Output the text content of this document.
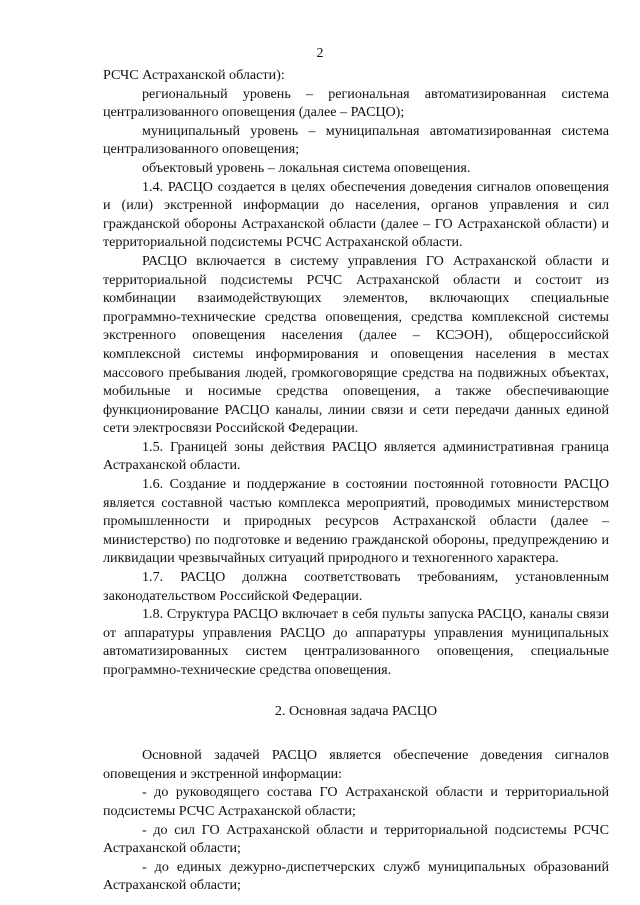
2

РСЧС Астраханской области):

региональный уровень – региональная автоматизированная система централизованного оповещения (далее – РАСЦО);

муниципальный уровень – муниципальная автоматизированная система централизованного оповещения;

объектовый уровень – локальная система оповещения.

1.4. РАСЦО создается в целях обеспечения доведения сигналов оповещения и (или) экстренной информации до населения, органов управления и сил гражданской обороны Астраханской области (далее – ГО Астраханской области) и территориальной подсистемы РСЧС Астраханской области.

РАСЦО включается в систему управления ГО Астраханской области и территориальной подсистемы РСЧС Астраханской области и состоит из комбинации взаимодействующих элементов, включающих специальные программно-технические средства оповещения, средства комплексной системы экстренного оповещения населения (далее – КСЭОН), общероссийской комплексной системы информирования и оповещения населения в местах массового пребывания людей, громкоговорящие средства на подвижных объектах, мобильные и носимые средства оповещения, а также обеспечивающие функционирование РАСЦО каналы, линии связи и сети передачи данных единой сети электросвязи Российской Федерации.

1.5. Границей зоны действия РАСЦО является административная граница Астраханской области.

1.6. Создание и поддержание в состоянии постоянной готовности РАСЦО является составной частью комплекса мероприятий, проводимых министерством промышленности и природных ресурсов Астраханской области (далее – министерство) по подготовке и ведению гражданской обороны, предупреждению и ликвидации чрезвычайных ситуаций природного и техногенного характера.

1.7. РАСЦО должна соответствовать требованиям, установленным законодательством Российской Федерации.

1.8. Структура РАСЦО включает в себя пульты запуска РАСЦО, каналы связи от аппаратуры управления РАСЦО до аппаратуры управления муниципальных автоматизированных систем централизованного оповещения, специальные программно-технические средства оповещения.

2. Основная задача РАСЦО

Основной задачей РАСЦО является обеспечение доведения сигналов оповещения и экстренной информации:

- до руководящего состава ГО Астраханской области и территориальной подсистемы РСЧС Астраханской области;

- до сил ГО Астраханской области и территориальной подсистемы РСЧС Астраханской области;

- до единых дежурно-диспетчерских служб муниципальных образований Астраханской области;
